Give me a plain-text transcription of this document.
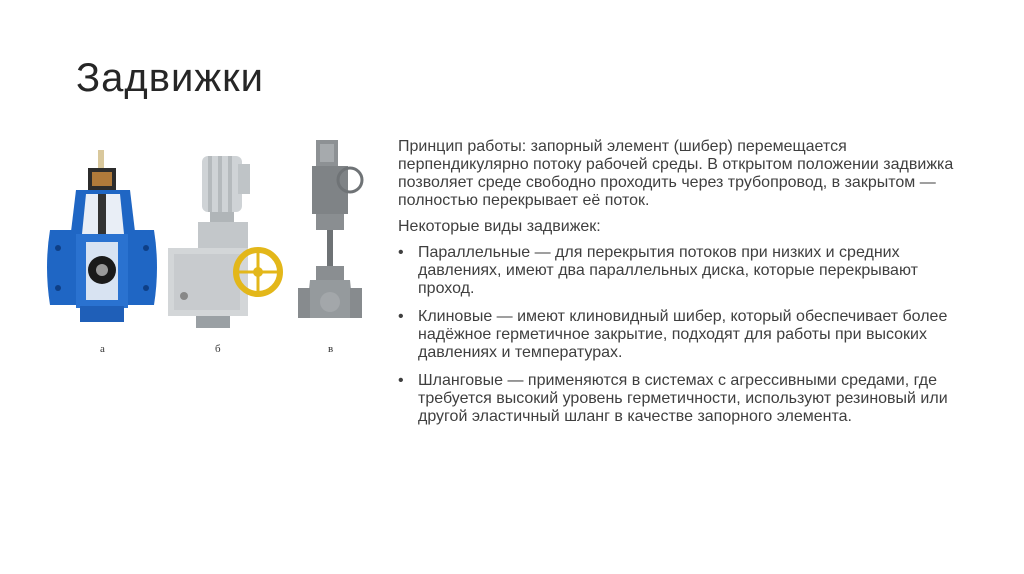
Задвижки
а	б	в

Принцип работы: запорный элемент (шибер) перемещается перпендикулярно потоку рабочей среды. В открытом положении задвижка позволяет среде свободно проходить через трубопровод, в закрытом — полностью перекрывает её поток.

Некоторые виды задвижек:

• Параллельные — для перекрытия потоков при низких и средних давлениях, имеют два параллельных диска, которые перекрывают проход.
• Клиновые — имеют клиновидный шибер, который обеспечивает более надёжное герметичное закрытие, подходят для работы при высоких давлениях и температурах.
• Шланговые — применяются в системах с агрессивными средами, где требуется высокий уровень герметичности, используют резиновый или другой эластичный шланг в качестве запорного элемента.
